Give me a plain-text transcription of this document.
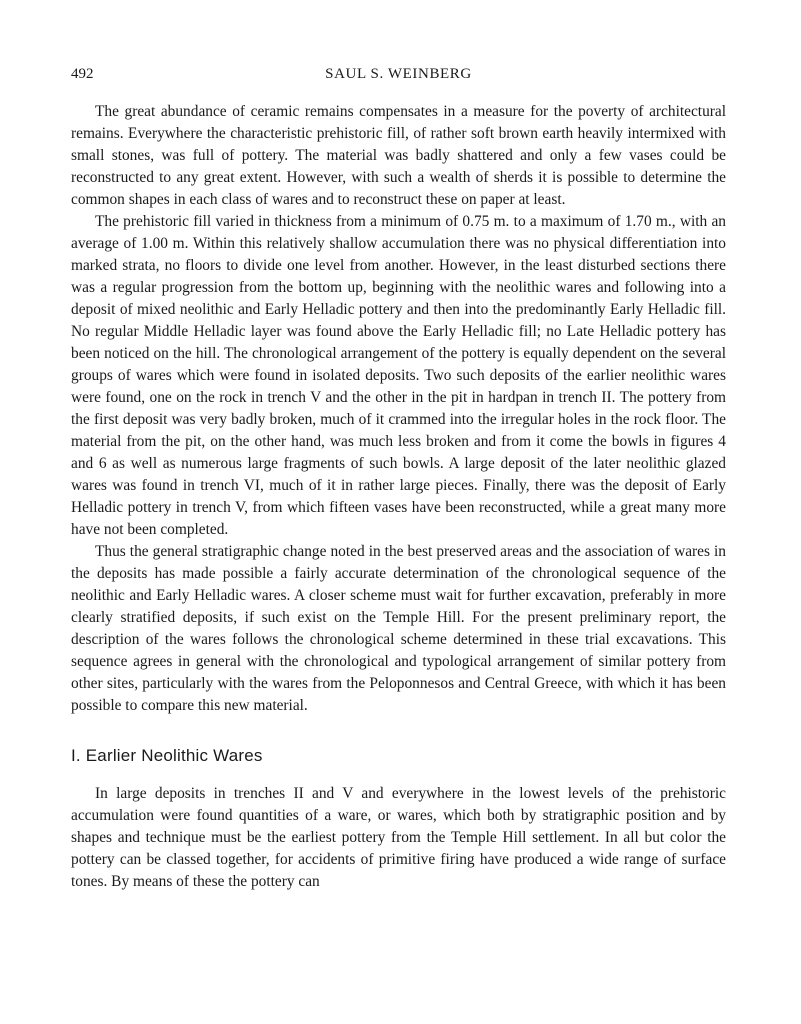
492	SAUL S. WEINBERG

The great abundance of ceramic remains compensates in a measure for the poverty of architectural remains. Everywhere the characteristic prehistoric fill, of rather soft brown earth heavily intermixed with small stones, was full of pottery. The material was badly shattered and only a few vases could be reconstructed to any great extent. However, with such a wealth of sherds it is possible to determine the common shapes in each class of wares and to reconstruct these on paper at least.

The prehistoric fill varied in thickness from a minimum of 0.75 m. to a maximum of 1.70 m., with an average of 1.00 m. Within this relatively shallow accumulation there was no physical differentiation into marked strata, no floors to divide one level from another. However, in the least disturbed sections there was a regular progression from the bottom up, beginning with the neolithic wares and following into a deposit of mixed neolithic and Early Helladic pottery and then into the predominantly Early Helladic fill. No regular Middle Helladic layer was found above the Early Helladic fill; no Late Helladic pottery has been noticed on the hill. The chronological arrangement of the pottery is equally dependent on the several groups of wares which were found in isolated deposits. Two such deposits of the earlier neolithic wares were found, one on the rock in trench V and the other in the pit in hardpan in trench II. The pottery from the first deposit was very badly broken, much of it crammed into the irregular holes in the rock floor. The material from the pit, on the other hand, was much less broken and from it come the bowls in figures 4 and 6 as well as numerous large fragments of such bowls. A large deposit of the later neolithic glazed wares was found in trench VI, much of it in rather large pieces. Finally, there was the deposit of Early Helladic pottery in trench V, from which fifteen vases have been reconstructed, while a great many more have not been completed.

Thus the general stratigraphic change noted in the best preserved areas and the association of wares in the deposits has made possible a fairly accurate determination of the chronological sequence of the neolithic and Early Helladic wares. A closer scheme must wait for further excavation, preferably in more clearly stratified deposits, if such exist on the Temple Hill. For the present preliminary report, the description of the wares follows the chronological scheme determined in these trial excavations. This sequence agrees in general with the chronological and typological arrangement of similar pottery from other sites, particularly with the wares from the Peloponnesos and Central Greece, with which it has been possible to compare this new material.

I. Earlier Neolithic Wares

In large deposits in trenches II and V and everywhere in the lowest levels of the prehistoric accumulation were found quantities of a ware, or wares, which both by stratigraphic position and by shapes and technique must be the earliest pottery from the Temple Hill settlement. In all but color the pottery can be classed together, for accidents of primitive firing have produced a wide range of surface tones. By means of these the pottery can
